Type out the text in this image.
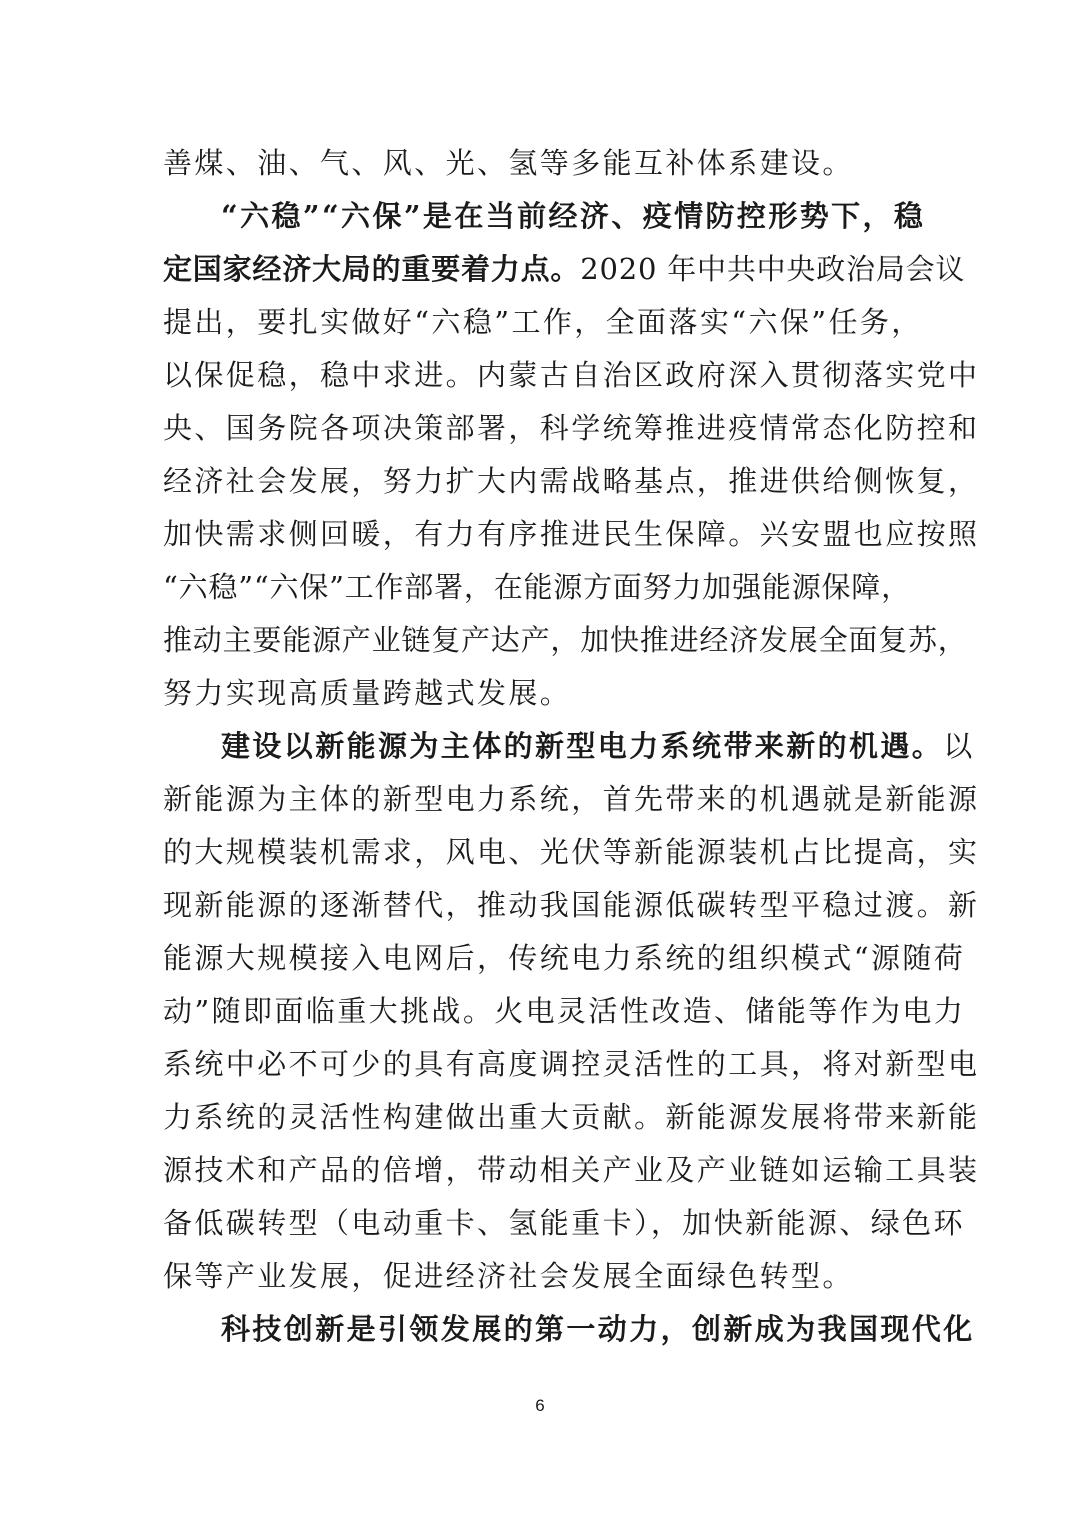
善煤、油、气、风、光、氢等多能互补体系建设。
“六稳”“六保”是在当前经济、疫情防控形势下，稳
定国家经济大局的重要着力点。2020 年中共中央政治局会议
提出，要扎实做好“六稳”工作，全面落实“六保”任务，
以保促稳，稳中求进。内蒙古自治区政府深入贯彻落实党中
央、国务院各项决策部署，科学统筹推进疫情常态化防控和
经济社会发展，努力扩大内需战略基点，推进供给侧恢复，
加快需求侧回暖，有力有序推进民生保障。兴安盟也应按照
“六稳”“六保”工作部署，在能源方面努力加强能源保障，
推动主要能源产业链复产达产，加快推进经济发展全面复苏，
努力实现高质量跨越式发展。
建设以新能源为主体的新型电力系统带来新的机遇。以
新能源为主体的新型电力系统，首先带来的机遇就是新能源
的大规模装机需求，风电、光伏等新能源装机占比提高，实
现新能源的逐渐替代，推动我国能源低碳转型平稳过渡。新
能源大规模接入电网后，传统电力系统的组织模式“源随荷
动”随即面临重大挑战。火电灵活性改造、储能等作为电力
系统中必不可少的具有高度调控灵活性的工具，将对新型电
力系统的灵活性构建做出重大贡献。新能源发展将带来新能
源技术和产品的倍增，带动相关产业及产业链如运输工具装
备低碳转型（电动重卡、氢能重卡），加快新能源、绿色环
保等产业发展，促进经济社会发展全面绿色转型。
科技创新是引领发展的第一动力，创新成为我国现代化
6
